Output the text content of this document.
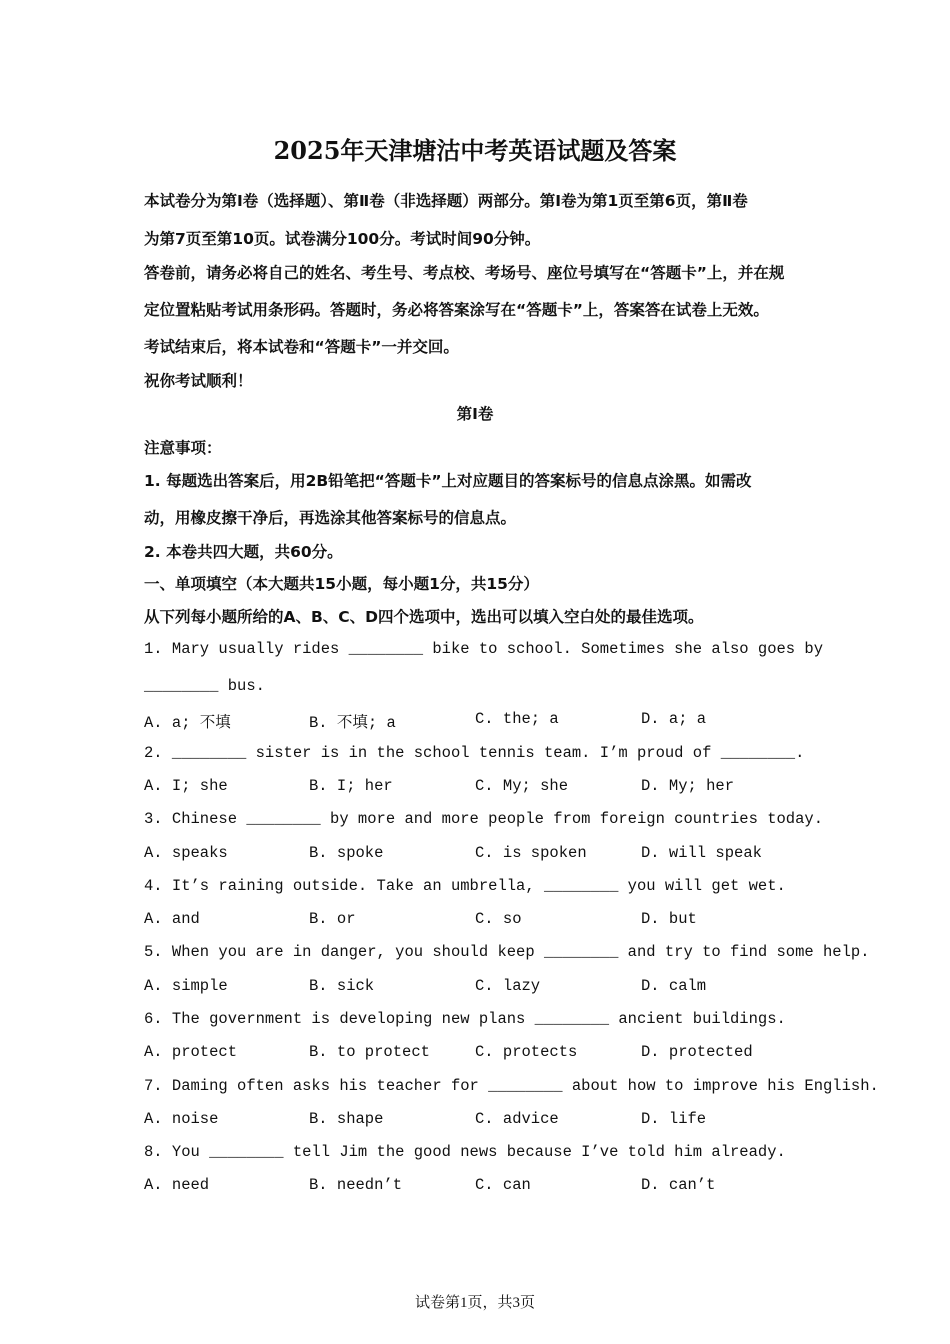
2025年天津塘沽中考英语试题及答案
本试卷分为第Ⅰ卷（选择题）、第Ⅱ卷（非选择题）两部分。第Ⅰ卷为第1页至第6页，第Ⅱ卷
为第7页至第10页。试卷满分100分。考试时间90分钟。
答卷前，请务必将自己的姓名、考生号、考点校、考场号、座位号填写在“答题卡”上，并在规
定位置粘贴考试用条形码。答题时，务必将答案涂写在“答题卡”上，答案答在试卷上无效。
考试结束后，将本试卷和“答题卡”一并交回。
祝你考试顺利！
第Ⅰ卷
注意事项：
1. 每题选出答案后，用2B铅笔把“答题卡”上对应题目的答案标号的信息点涂黑。如需改
动，用橡皮擦干净后，再选涂其他答案标号的信息点。
2. 本卷共四大题，共60分。
一、单项填空（本大题共15小题，每小题1分，共15分）
从下列每小题所给的A、B、C、D四个选项中，选出可以填入空白处的最佳选项。
1. Mary usually rides ________ bike to school. Sometimes she also goes by
________ bus.
A. a; 不填	B. 不填; a	C. the; a	D. a; a
2. ________ sister is in the school tennis team. I’m proud of ________.
A. I; she	B. I; her	C. My; she	D. My; her
3. Chinese ________ by more and more people from foreign countries today.
A. speaks	B. spoke	C. is spoken	D. will speak
4. It’s raining outside. Take an umbrella, ________ you will get wet.
A. and	B. or	C. so	D. but
5. When you are in danger, you should keep ________ and try to find some help.
A. simple	B. sick	C. lazy	D. calm
6. The government is developing new plans ________ ancient buildings.
A. protect	B. to protect	C. protects	D. protected
7. Daming often asks his teacher for ________ about how to improve his English.
A. noise	B. shape	C. advice	D. life
8. You ________ tell Jim the good news because I’ve told him already.
A. need	B. needn’t	C. can	D. can’t
试卷第1页，共3页
